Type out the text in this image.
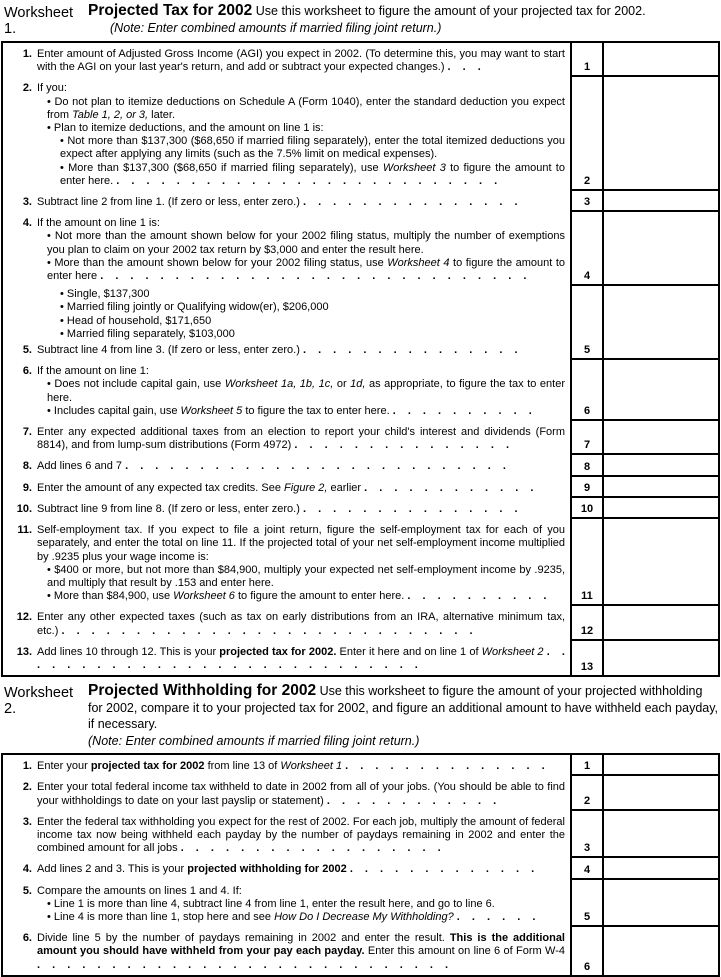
Worksheet 1.
Projected Tax for 2002 Use this worksheet to figure the amount of your projected tax for 2002.
(Note: Enter combined amounts if married filing joint return.)
1. Enter amount of Adjusted Gross Income (AGI) you expect in 2002. (To determine this, you may want to start with the AGI on your last year's return, and add or subtract your expected changes.) . . .	1
2. If you:
• Do not plan to itemize deductions on Schedule A (Form 1040), enter the standard deduction you expect from Table 1, 2, or 3, later.
• Plan to itemize deductions, and the amount on line 1 is:
• Not more than $137,300 ($68,650 if married filing separately), enter the total itemized deductions you expect after applying any limits (such as the 7.5% limit on medical expenses).
• More than $137,300 ($68,650 if married filing separately), use Worksheet 3 to figure the amount to enter here. . . . . . . . . . . . . . . . . . . . . . . . . . .	2
3. Subtract line 2 from line 1. (If zero or less, enter zero.) . . . . . . . . . . . . . . .	3
4. If the amount on line 1 is:
• Not more than the amount shown below for your 2002 filing status, multiply the number of exemptions you plan to claim on your 2002 tax return by $3,000 and enter the result here.
• More than the amount shown below for your 2002 filing status, use Worksheet 4 to figure the amount to enter here . . . . . . . . . . . . . . . . . . . . . . . . . . . . .	4
• Single, $137,300
• Married filing jointly or Qualifying widow(er), $206,000
• Head of household, $171,650
• Married filing separately, $103,000
5. Subtract line 4 from line 3. (If zero or less, enter zero.) . . . . . . . . . . . . . . .	5
6. If the amount on line 1:
• Does not include capital gain, use Worksheet 1a, 1b, 1c, or 1d, as appropriate, to figure the tax to enter here.
• Includes capital gain, use Worksheet 5 to figure the tax to enter here. . . . . . . . . . .	6
7. Enter any expected additional taxes from an election to report your child's interest and dividends (Form 8814), and from lump-sum distributions (Form 4972) . . . . . . . . . . . . . . .	7
8. Add lines 6 and 7 . . . . . . . . . . . . . . . . . . . . . . . . . .	8
9. Enter the amount of any expected tax credits. See Figure 2, earlier . . . . . . . . . . . .	9
10. Subtract line 9 from line 8. (If zero or less, enter zero.) . . . . . . . . . . . . . . .	10
11. Self-employment tax. If you expect to file a joint return, figure the self-employment tax for each of you separately, and enter the total on line 11. If the projected total of your net self-employment income multiplied by .9235 plus your wage income is:
• $400 or more, but not more than $84,900, multiply your expected net self-employment income by .9235, and multiply that result by .153 and enter here.
• More than $84,900, use Worksheet 6 to figure the amount to enter here. . . . . . . . . . .	11
12. Enter any other expected taxes (such as tax on early distributions from an IRA, alternative minimum tax, etc.) . . . . . . . . . . . . . . . . . . . . . . . . . . . .	12
13. Add lines 10 through 12. This is your projected tax for 2002. Enter it here and on line 1 of Worksheet 2 . . . . . . . . . . . . . . . . . . . . . . . . . . . .	13
Worksheet 2.
Projected Withholding for 2002 Use this worksheet to figure the amount of your projected withholding for 2002, compare it to your projected tax for 2002, and figure an additional amount to have withheld each payday, if necessary.
(Note: Enter combined amounts if married filing joint return.)
1. Enter your projected tax for 2002 from line 13 of Worksheet 1 . . . . . . . . . . . . . .	1
2. Enter your total federal income tax withheld to date in 2002 from all of your jobs. (You should be able to find your withholdings to date on your last payslip or statement) . . . . . . . . . . . .	2
3. Enter the federal tax withholding you expect for the rest of 2002. For each job, multiply the amount of federal income tax now being withheld each payday by the number of paydays remaining in 2002 and enter the combined amount for all jobs . . . . . . . . . . . . . . . . . .	3
4. Add lines 2 and 3. This is your projected withholding for 2002 . . . . . . . . . . . . .	4
5. Compare the amounts on lines 1 and 4. If:
• Line 1 is more than line 4, subtract line 4 from line 1, enter the result here, and go to line 6.
• Line 4 is more than line 1, stop here and see How Do I Decrease My Withholding? . . . . . .	5
6. Divide line 5 by the number of paydays remaining in 2002 and enter the result. This is the additional amount you should have withheld from your pay each payday. Enter this amount on line 6 of Form W-4 . . . . . . . . . . . . . . . . . . . . . . . . . . . .	6
